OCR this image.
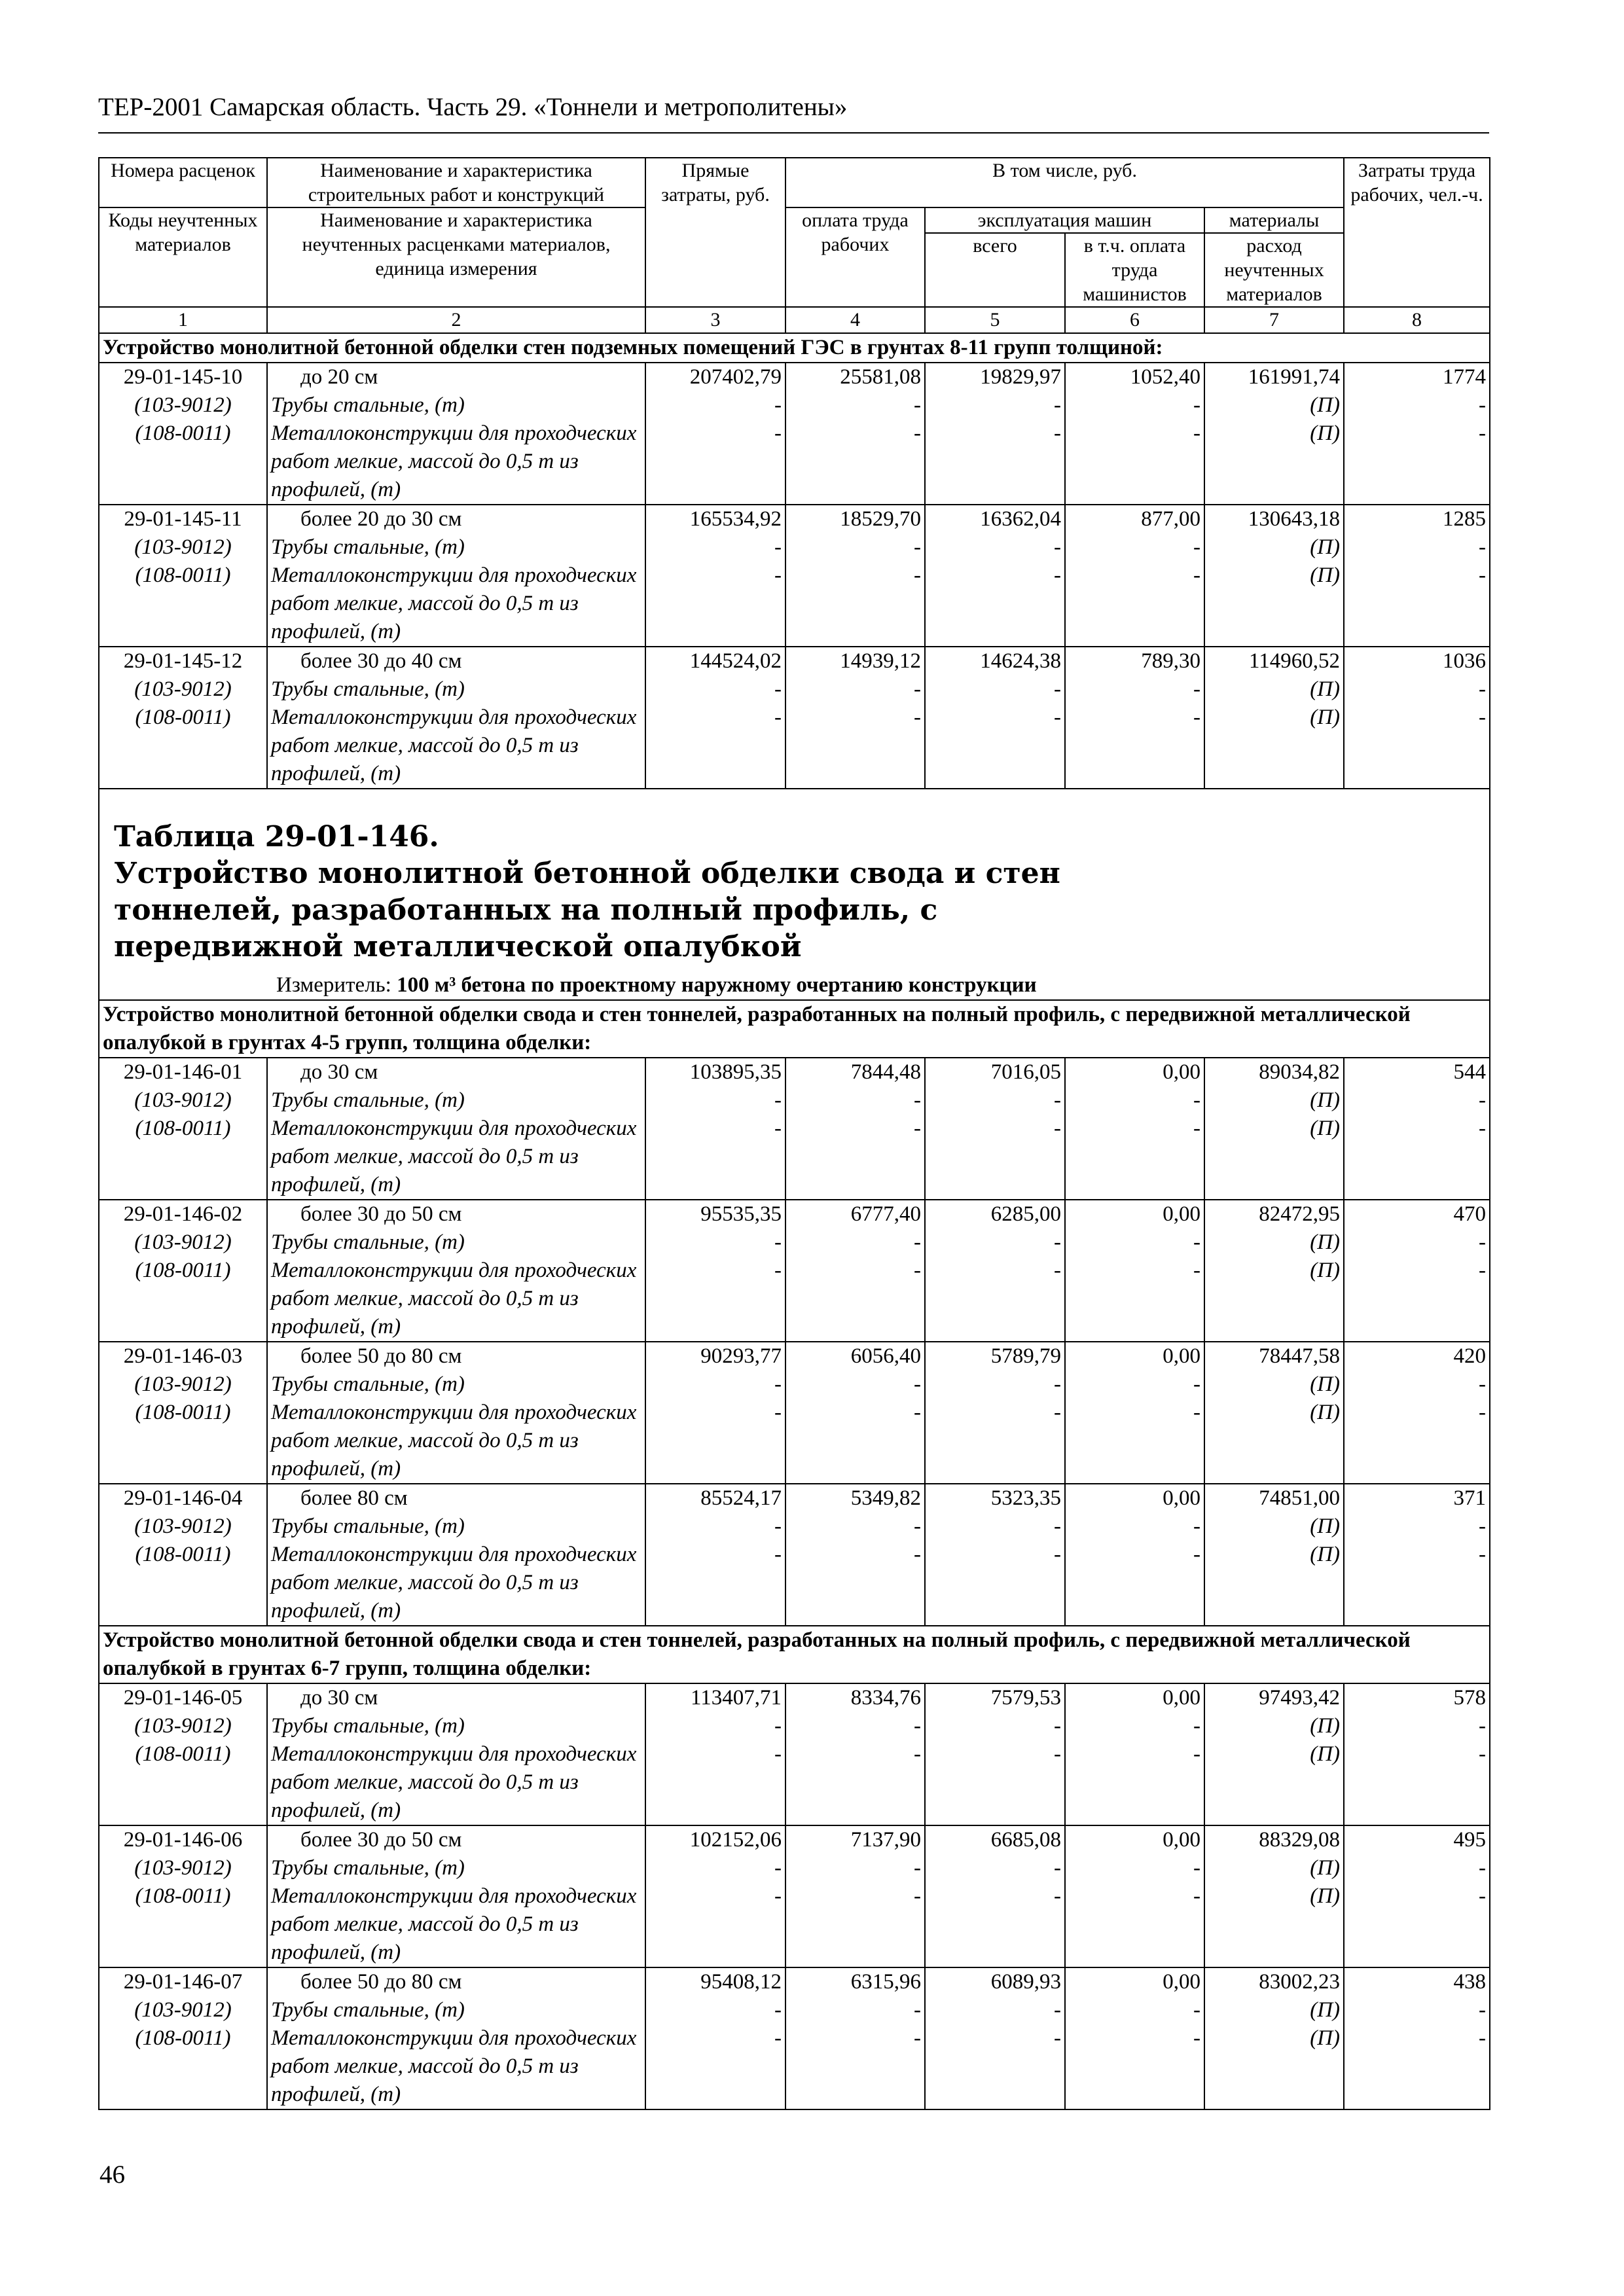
ТЕР-2001 Самарская область. Часть 29. «Тоннели и метрополитены»
Номера расценок	Наименование и характеристика строительных работ и конструкций	Прямые затраты, руб.	В том числе, руб.				Затраты труда рабочих, чел.-ч.
Коды неучтенных материалов	Наименование и характеристика неучтенных расценками материалов, единица измерения		оплата труда рабочих	эксплуатация машин		материалы	
				всего	в т.ч. оплата труда машинистов	расход неучтенных материалов	
1	2	3	4	5	6	7	8
Устройство монолитной бетонной обделки стен подземных помещений ГЭС в грунтах 8-11 групп толщиной:							
29-01-145-10	до 20 см	207402,79	25581,08	19829,97	1052,40	161991,74	1774
(103-9012)	Трубы стальные, (т)	-	-	-	-	(П)	-
(108-0011)	Металлоконструкции для проходческих работ мелкие, массой до 0,5 т из профилей, (т)	-	-	-	-	(П)	-
29-01-145-11	более 20 до 30 см	165534,92	18529,70	16362,04	877,00	130643,18	1285
(103-9012)	Трубы стальные, (т)	-	-	-	-	(П)	-
(108-0011)	Металлоконструкции для проходческих работ мелкие, массой до 0,5 т из профилей, (т)	-	-	-	-	(П)	-
29-01-145-12	более 30 до 40 см	144524,02	14939,12	14624,38	789,30	114960,52	1036
(103-9012)	Трубы стальные, (т)	-	-	-	-	(П)	-
(108-0011)	Металлоконструкции для проходческих работ мелкие, массой до 0,5 т из профилей, (т)	-	-	-	-	(П)	-

Таблица 29-01-146. Устройство монолитной бетонной обделки свода и стен тоннелей, разработанных на полный профиль, с передвижной металлической опалубкой
Измеритель: 100 м³ бетона по проектному наружному очертанию конструкции							

Устройство монолитной бетонной обделки свода и стен тоннелей, разработанных на полный профиль, с передвижной металлической опалубкой в грунтах 4-5 групп, толщина обделки:							
29-01-146-01	до 30 см	103895,35	7844,48	7016,05	0,00	89034,82	544
(103-9012)	Трубы стальные, (т)	-	-	-	-	(П)	-
(108-0011)	Металлоконструкции для проходческих работ мелкие, массой до 0,5 т из профилей, (т)	-	-	-	-	(П)	-
29-01-146-02	более 30 до 50 см	95535,35	6777,40	6285,00	0,00	82472,95	470
(103-9012)	Трубы стальные, (т)	-	-	-	-	(П)	-
(108-0011)	Металлоконструкции для проходческих работ мелкие, массой до 0,5 т из профилей, (т)	-	-	-	-	(П)	-
29-01-146-03	более 50 до 80 см	90293,77	6056,40	5789,79	0,00	78447,58	420
(103-9012)	Трубы стальные, (т)	-	-	-	-	(П)	-
(108-0011)	Металлоконструкции для проходческих работ мелкие, массой до 0,5 т из профилей, (т)	-	-	-	-	(П)	-
29-01-146-04	более 80 см	85524,17	5349,82	5323,35	0,00	74851,00	371
(103-9012)	Трубы стальные, (т)	-	-	-	-	(П)	-
(108-0011)	Металлоконструкции для проходческих работ мелкие, массой до 0,5 т из профилей, (т)	-	-	-	-	(П)	-
Устройство монолитной бетонной обделки свода и стен тоннелей, разработанных на полный профиль, с передвижной металлической опалубкой в грунтах 6-7 групп, толщина обделки:							
29-01-146-05	до 30 см	113407,71	8334,76	7579,53	0,00	97493,42	578
(103-9012)	Трубы стальные, (т)	-	-	-	-	(П)	-
(108-0011)	Металлоконструкции для проходческих работ мелкие, массой до 0,5 т из профилей, (т)	-	-	-	-	(П)	-
29-01-146-06	более 30 до 50 см	102152,06	7137,90	6685,08	0,00	88329,08	495
(103-9012)	Трубы стальные, (т)	-	-	-	-	(П)	-
(108-0011)	Металлоконструкции для проходческих работ мелкие, массой до 0,5 т из профилей, (т)	-	-	-	-	(П)	-
29-01-146-07	более 50 до 80 см	95408,12	6315,96	6089,93	0,00	83002,23	438
(103-9012)	Трубы стальные, (т)	-	-	-	-	(П)	-
(108-0011)	Металлоконструкции для проходческих работ мелкие, массой до 0,5 т из профилей, (т)	-	-	-	-	(П)	-
46
